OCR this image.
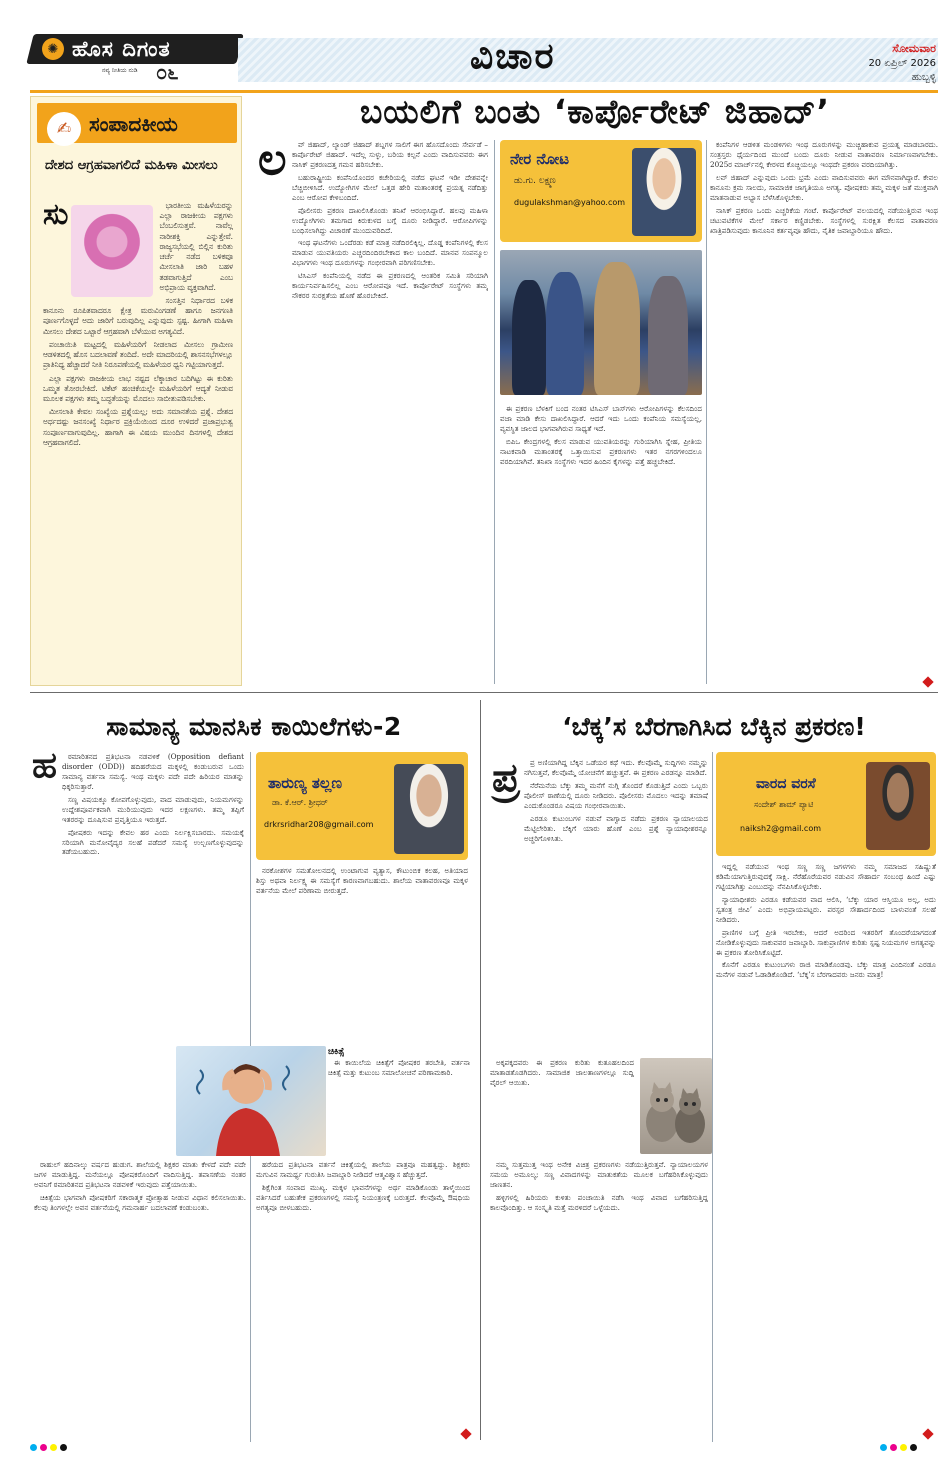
✺ ಹೊಸ ದಿಗಂತ
ನವ್ಯ ನೀತಿಯ ನುಡಿ ೦೬	ವಿಚಾರ	ಸೋಮವಾರ
20 ಏಪ್ರಿಲ್ 2026
ಹುಬ್ಬಳ್ಳಿ
✍ ಸಂಪಾದಕೀಯ
ದೇಶದ ಆಗ್ರಹವಾಗಲಿದೆ ಮಹಿಳಾ ಮೀಸಲು
ಸು	ಭಾರತೀಯ ಮಹಿಳೆಯರನ್ನು ಎಲ್ಲಾ ರಾಜಕೀಯ ಪಕ್ಷಗಳು ಬೆಂಬಲಿಸುತ್ತವೆ. ನಾವೆಲ್ಲ ನಾರೀಶಕ್ತಿ ಎನ್ನುತ್ತೇವೆ. ರಾಜ್ಯಸಭೆಯಲ್ಲಿ ಬಿಲ್ಲಿನ ಕುರಿತು ಚರ್ಚೆ ನಡೆದ ಬಳಿಕವೂ ಮೀಸಲಾತಿ ಜಾರಿ ಬಹಳ ತಡವಾಗುತ್ತಿದೆ ಎಂಬ ಅಭಿಪ್ರಾಯ ವ್ಯಕ್ತವಾಗಿದೆ.

ಸಂಸತ್ತಿನ ನಿರ್ಧಾರದ ಬಳಿಕ ಕಾನೂನು ರೂಪಿತವಾದರೂ ಕ್ಷೇತ್ರ ಮರುವಿಂಗಡಣೆ ಹಾಗೂ ಜನಗಣತಿ ಪೂರ್ಣಗೊಳ್ಳದೆ ಅದು ಜಾರಿಗೆ ಬರುವುದಿಲ್ಲ ಎನ್ನುವುದು ಸ್ಪಷ್ಟ. ಹೀಗಾಗಿ ಮಹಿಳಾ ಮೀಸಲು ದೇಶದ ಒಟ್ಟಾರೆ ಆಗ್ರಹವಾಗಿ ಬೆಳೆಯುವ ಅಗತ್ಯವಿದೆ.

ಪಂಚಾಯಿತಿ ಮಟ್ಟದಲ್ಲಿ ಮಹಿಳೆಯರಿಗೆ ನೀಡಲಾದ ಮೀಸಲು ಗ್ರಾಮೀಣ ಆಡಳಿತದಲ್ಲಿ ಹೊಸ ಬದಲಾವಣೆ ತಂದಿದೆ. ಅದೇ ಮಾದರಿಯಲ್ಲಿ ಶಾಸನಸಭೆಗಳಲ್ಲೂ ಪ್ರಾತಿನಿಧ್ಯ ಹೆಚ್ಚಾದರೆ ನೀತಿ ನಿರೂಪಣೆಯಲ್ಲಿ ಮಹಿಳೆಯರ ಧ್ವನಿ ಗಟ್ಟಿಯಾಗುತ್ತದೆ.

ಎಲ್ಲಾ ಪಕ್ಷಗಳು ರಾಜಕೀಯ ಲಾಭ ನಷ್ಟದ ಲೆಕ್ಕಾಚಾರ ಬದಿಗಿಟ್ಟು ಈ ಕುರಿತು ಒಮ್ಮತ ತೋರಬೇಕಿದೆ. ಟಿಕೆಟ್ ಹಂಚಿಕೆಯಲ್ಲೇ ಮಹಿಳೆಯರಿಗೆ ಆದ್ಯತೆ ನೀಡುವ ಮೂಲಕ ಪಕ್ಷಗಳು ತಮ್ಮ ಬದ್ಧತೆಯನ್ನು ಮೊದಲು ಸಾಬೀತುಪಡಿಸಬೇಕು.

ಮೀಸಲಾತಿ ಕೇವಲ ಸಂಖ್ಯೆಯ ಪ್ರಶ್ನೆಯಲ್ಲ; ಅದು ಸಮಾನತೆಯ ಪ್ರಶ್ನೆ. ದೇಶದ ಅರ್ಧದಷ್ಟು ಜನಸಂಖ್ಯೆ ನಿರ್ಧಾರ ಪ್ರಕ್ರಿಯೆಯಿಂದ ದೂರ ಉಳಿದರೆ ಪ್ರಜಾಪ್ರಭುತ್ವ ಸಂಪೂರ್ಣವಾಗುವುದಿಲ್ಲ. ಹಾಗಾಗಿ ಈ ವಿಷಯ ಮುಂದಿನ ದಿನಗಳಲ್ಲಿ ದೇಶದ ಆಗ್ರಹವಾಗಲಿದೆ.

ಬಯಲಿಗೆ ಬಂತು ‘ಕಾರ್ಪೊರೇಟ್ ಜಿಹಾದ್’
ಲ	ವ್ ಜಿಹಾದ್, ಲ್ಯಾಂಡ್ ಜಿಹಾದ್ ಶಬ್ದಗಳ ಸಾಲಿಗೆ ಈಗ ಹೊಸದೊಂದು ಸೇರ್ಪಡೆ – ಕಾರ್ಪೊರೇಟ್ ಜಿಹಾದ್. ಇದೆಲ್ಲ ಸುಳ್ಳು, ಬರಿಯ ಕಲ್ಪನೆ ಎಂದು ವಾದಿಸುವವರು ಈಗ ನಾಸಿಕ್ ಪ್ರಕರಣದತ್ತ ಗಮನ ಹರಿಸಬೇಕು.

ಬಹುರಾಷ್ಟ್ರೀಯ ಕಂಪೆನಿಯೊಂದರ ಕಚೇರಿಯಲ್ಲಿ ನಡೆದ ಘಟನೆ ಇಡೀ ದೇಶವನ್ನೇ ಬೆಚ್ಚಿಬೀಳಿಸಿದೆ. ಉದ್ಯೋಗಿಗಳ ಮೇಲೆ ಒತ್ತಡ ಹೇರಿ ಮತಾಂತರಕ್ಕೆ ಪ್ರಯತ್ನ ನಡೆದಿತ್ತು ಎಂಬ ಆರೋಪ ಕೇಳಿಬಂದಿದೆ.

ಪೊಲೀಸರು ಪ್ರಕರಣ ದಾಖಲಿಸಿಕೊಂಡು ತನಿಖೆ ಆರಂಭಿಸಿದ್ದಾರೆ. ಹಲವು ಮಹಿಳಾ ಉದ್ಯೋಗಿಗಳು ತಮಗಾದ ಕಿರುಕುಳದ ಬಗ್ಗೆ ದೂರು ನೀಡಿದ್ದಾರೆ. ಆರೋಪಿಗಳನ್ನು ಬಂಧಿಸಲಾಗಿದ್ದು ವಿಚಾರಣೆ ಮುಂದುವರಿದಿದೆ.

ಇಂಥ ಘಟನೆಗಳು ಒಂದೆರಡು ಕಡೆ ಮಾತ್ರ ನಡೆದಿರಲಿಕ್ಕಿಲ್ಲ. ದೊಡ್ಡ ಕಂಪೆನಿಗಳಲ್ಲಿ ಕೆಲಸ ಮಾಡುವ ಯುವತಿಯರು ಎಚ್ಚರದಿಂದಿರಬೇಕಾದ ಕಾಲ ಬಂದಿದೆ. ಮಾನವ ಸಂಪನ್ಮೂಲ ವಿಭಾಗಗಳು ಇಂಥ ದೂರುಗಳನ್ನು ಗಂಭೀರವಾಗಿ ಪರಿಗಣಿಸಬೇಕು.

ಟಿಸಿಎಸ್ ಕಂಪೆನಿಯಲ್ಲಿ ನಡೆದ ಈ ಪ್ರಕರಣದಲ್ಲಿ ಆಂತರಿಕ ಸಮಿತಿ ಸರಿಯಾಗಿ ಕಾರ್ಯನಿರ್ವಹಿಸಲಿಲ್ಲ ಎಂಬ ಆರೋಪವೂ ಇದೆ. ಕಾರ್ಪೊರೇಟ್ ಸಂಸ್ಥೆಗಳು ತಮ್ಮ ನೌಕರರ ಸುರಕ್ಷತೆಯ ಹೊಣೆ ಹೊರಬೇಕಿದೆ.

ನೇರ ನೋಟ
ಡು.ಗು. ಲಕ್ಷ್ಮಣ
dugulakshman@yahoo.com

ಈ ಪ್ರಕರಣ ಬೆಳಕಿಗೆ ಬಂದ ನಂತರ ಟಿಸಿಎಸ್ ಬಾಸ್‌ಗಳು ಆರೋಪಿಗಳನ್ನು ಕೆಲಸದಿಂದ ವಜಾ ಮಾಡಿ ಕೇಸು ದಾಖಲಿಸಿದ್ದಾರೆ. ಆದರೆ ಇದು ಒಂದು ಕಂಪೆನಿಯ ಸಮಸ್ಯೆಯಲ್ಲ, ವ್ಯವಸ್ಥಿತ ಜಾಲದ ಭಾಗವಾಗಿರುವ ಸಾಧ್ಯತೆ ಇದೆ.

ಬಿಪಿಒ ಕೇಂದ್ರಗಳಲ್ಲಿ ಕೆಲಸ ಮಾಡುವ ಯುವತಿಯರನ್ನು ಗುರಿಯಾಗಿಸಿ ಸ್ನೇಹ, ಪ್ರೀತಿಯ ನಾಟಕವಾಡಿ ಮತಾಂತರಕ್ಕೆ ಒತ್ತಾಯಿಸುವ ಪ್ರಕರಣಗಳು ಇತರ ನಗರಗಳಿಂದಲೂ ವರದಿಯಾಗಿವೆ. ತನಿಖಾ ಸಂಸ್ಥೆಗಳು ಇದರ ಹಿಂದಿನ ಕೈಗಳನ್ನು ಪತ್ತೆ ಹಚ್ಚಬೇಕಿದೆ.

ಕಂಪೆನಿಗಳ ಆಡಳಿತ ಮಂಡಳಿಗಳು ಇಂಥ ದೂರುಗಳನ್ನು ಮುಚ್ಚಿಹಾಕುವ ಪ್ರಯತ್ನ ಮಾಡಬಾರದು. ಸಂತ್ರಸ್ತರು ಧೈರ್ಯದಿಂದ ಮುಂದೆ ಬಂದು ದೂರು ನೀಡುವ ವಾತಾವರಣ ನಿರ್ಮಾಣವಾಗಬೇಕು. 2025ರ ಮಾರ್ಚ್‌ನಲ್ಲಿ ಕೇರಳದ ಕೊಚ್ಚಿಯಲ್ಲೂ ಇಂಥದೇ ಪ್ರಕರಣ ವರದಿಯಾಗಿತ್ತು.

ಲವ್ ಜಿಹಾದ್ ಎನ್ನುವುದು ಒಂದು ಭ್ರಮೆ ಎಂದು ವಾದಿಸುವವರು ಈಗ ಮೌನವಾಗಿದ್ದಾರೆ. ಕೇವಲ ಕಾನೂನು ಕ್ರಮ ಸಾಲದು, ಸಾಮಾಜಿಕ ಜಾಗೃತಿಯೂ ಅಗತ್ಯ. ಪೋಷಕರು ತಮ್ಮ ಮಕ್ಕಳ ಜತೆ ಮುಕ್ತವಾಗಿ ಮಾತನಾಡುವ ಅಭ್ಯಾಸ ಬೆಳೆಸಿಕೊಳ್ಳಬೇಕು.

ನಾಸಿಕ್ ಪ್ರಕರಣ ಒಂದು ಎಚ್ಚರಿಕೆಯ ಗಂಟೆ. ಕಾರ್ಪೊರೇಟ್ ವಲಯದಲ್ಲಿ ನಡೆಯುತ್ತಿರುವ ಇಂಥ ಚಟುವಟಿಕೆಗಳ ಮೇಲೆ ಸರ್ಕಾರ ಕಣ್ಣಿಡಬೇಕು. ಸಂಸ್ಥೆಗಳಲ್ಲಿ ಸುರಕ್ಷಿತ ಕೆಲಸದ ವಾತಾವರಣ ಖಾತ್ರಿಪಡಿಸುವುದು ಕಾನೂನಿನ ಕರ್ತವ್ಯವೂ ಹೌದು, ನೈತಿಕ ಜವಾಬ್ದಾರಿಯೂ ಹೌದು.

ಸಾಮಾನ್ಯ ಮಾನಸಿಕ ಕಾಯಿಲೆಗಳು-2
ಹ	ಠಮಾರಿತನದ ಪ್ರತಿಭಟನಾ ನಡವಳಿಕೆ (Opposition defiant disorder (ODD)) ಹದಿಹರೆಯದ ಮಕ್ಕಳಲ್ಲಿ ಕಂಡುಬರುವ ಒಂದು ಸಾಮಾನ್ಯ ವರ್ತನಾ ಸಮಸ್ಯೆ. ಇಂಥ ಮಕ್ಕಳು ಪದೇ ಪದೇ ಹಿರಿಯರ ಮಾತನ್ನು ಧಿಕ್ಕರಿಸುತ್ತಾರೆ.

ಸಣ್ಣ ವಿಷಯಕ್ಕೂ ಕೋಪಗೊಳ್ಳುವುದು, ವಾದ ಮಾಡುವುದು, ನಿಯಮಗಳನ್ನು ಉದ್ದೇಶಪೂರ್ವಕವಾಗಿ ಮುರಿಯುವುದು ಇದರ ಲಕ್ಷಣಗಳು. ತಮ್ಮ ತಪ್ಪಿಗೆ ಇತರರನ್ನು ದೂಷಿಸುವ ಪ್ರವೃತ್ತಿಯೂ ಇರುತ್ತದೆ.

ಪೋಷಕರು ಇದನ್ನು ಕೇವಲ ಹಠ ಎಂದು ನಿರ್ಲಕ್ಷಿಸಬಾರದು. ಸಮಯಕ್ಕೆ ಸರಿಯಾಗಿ ಮನೋವೈದ್ಯರ ಸಲಹೆ ಪಡೆದರೆ ಸಮಸ್ಯೆ ಉಲ್ಬಣಗೊಳ್ಳುವುದನ್ನು ತಡೆಯಬಹುದು.

ತಾರುಣ್ಯ ತಲ್ಲಣ
ಡಾ. ಕೆ.ಆರ್. ಶ್ರೀಧರ್
drkrsridhar208@gmail.com

ನರಕೋಶಗಳ ಸಮತೋಲನದಲ್ಲಿ ಉಂಟಾಗುವ ವ್ಯತ್ಯಾಸ, ಕೌಟುಂಬಿಕ ಕಲಹ, ಅತಿಯಾದ ಶಿಸ್ತು ಅಥವಾ ನಿರ್ಲಕ್ಷ್ಯ ಈ ಸಮಸ್ಯೆಗೆ ಕಾರಣವಾಗಬಹುದು. ಶಾಲೆಯ ವಾತಾವರಣವೂ ಮಕ್ಕಳ ವರ್ತನೆಯ ಮೇಲೆ ಪರಿಣಾಮ ಬೀರುತ್ತದೆ.

ಚಿಕಿತ್ಸೆ

ಈ ಕಾಯಿಲೆಯ ಚಿಕಿತ್ಸೆಗೆ ಪೋಷಕರ ತರಬೇತಿ, ವರ್ತನಾ ಚಿಕಿತ್ಸೆ ಮತ್ತು ಕುಟುಂಬ ಸಮಾಲೋಚನೆ ಪರಿಣಾಮಕಾರಿ.

ರಾಹುಲ್ ಹದಿನಾಲ್ಕು ವರ್ಷದ ಹುಡುಗ. ಶಾಲೆಯಲ್ಲಿ ಶಿಕ್ಷಕರ ಮಾತು ಕೇಳದೆ ಪದೇ ಪದೇ ಜಗಳ ಮಾಡುತ್ತಿದ್ದ. ಮನೆಯಲ್ಲೂ ಪೋಷಕರೊಂದಿಗೆ ವಾದಿಸುತ್ತಿದ್ದ. ತಪಾಸಣೆಯ ನಂತರ ಅವನಿಗೆ ಠಮಾರಿತನದ ಪ್ರತಿಭಟನಾ ನಡವಳಿಕೆ ಇರುವುದು ಪತ್ತೆಯಾಯಿತು.

ಚಿಕಿತ್ಸೆಯ ಭಾಗವಾಗಿ ಪೋಷಕರಿಗೆ ಸಕಾರಾತ್ಮಕ ಪ್ರೋತ್ಸಾಹ ನೀಡುವ ವಿಧಾನ ಕಲಿಸಲಾಯಿತು. ಕೆಲವು ತಿಂಗಳಲ್ಲೇ ಅವನ ವರ್ತನೆಯಲ್ಲಿ ಗಮನಾರ್ಹ ಬದಲಾವಣೆ ಕಂಡುಬಂತು.

ಹರೆಯದ ಪ್ರತಿಭಟನಾ ವರ್ತನೆ ಚಿಕಿತ್ಸೆಯಲ್ಲಿ ಶಾಲೆಯ ಪಾತ್ರವೂ ಮಹತ್ವದ್ದು. ಶಿಕ್ಷಕರು ಮಗುವಿನ ಸಾಮರ್ಥ್ಯ ಗುರುತಿಸಿ ಜವಾಬ್ದಾರಿ ನೀಡಿದರೆ ಆತ್ಮವಿಶ್ವಾಸ ಹೆಚ್ಚುತ್ತದೆ.

ಶಿಕ್ಷೆಗಿಂತ ಸಂವಾದ ಮುಖ್ಯ. ಮಕ್ಕಳ ಭಾವನೆಗಳನ್ನು ಅರ್ಥ ಮಾಡಿಕೊಂಡು ತಾಳ್ಮೆಯಿಂದ ವರ್ತಿಸಿದರೆ ಬಹುತೇಕ ಪ್ರಕರಣಗಳಲ್ಲಿ ಸಮಸ್ಯೆ ನಿಯಂತ್ರಣಕ್ಕೆ ಬರುತ್ತದೆ. ಕೆಲವೊಮ್ಮೆ ಔಷಧಿಯ ಅಗತ್ಯವೂ ಬೀಳಬಹುದು.

‘ಬೆಕ್ಕ’ಸ ಬೆರಗಾಗಿಸಿದ ಬೆಕ್ಕಿನ ಪ್ರಕರಣ!
ಪ್ರ	ಪ್ರ ಅಣಿಯಾಗಿದ್ದ ಬೆಕ್ಕಿನ ಒಡೆಯರ ಕಥೆ ಇದು. ಕೆಲವೊಮ್ಮೆ ಸುದ್ದಿಗಳು ನಮ್ಮನ್ನು ನಗಿಸುತ್ತವೆ, ಕೆಲವೊಮ್ಮೆ ಯೋಚನೆಗೆ ಹಚ್ಚುತ್ತವೆ. ಈ ಪ್ರಕರಣ ಎರಡನ್ನೂ ಮಾಡಿದೆ.

ನೆರೆಮನೆಯ ಬೆಕ್ಕು ತಮ್ಮ ಮನೆಗೆ ನುಗ್ಗಿ ತೊಂದರೆ ಕೊಡುತ್ತಿದೆ ಎಂದು ಒಬ್ಬರು ಪೊಲೀಸ್ ಠಾಣೆಯಲ್ಲಿ ದೂರು ನೀಡಿದರು. ಪೊಲೀಸರು ಮೊದಲು ಇದನ್ನು ತಮಾಷೆ ಎಂದುಕೊಂಡರೂ ವಿಷಯ ಗಂಭೀರವಾಯಿತು.

ಎರಡೂ ಕುಟುಂಬಗಳ ನಡುವೆ ವಾಗ್ವಾದ ನಡೆದು ಪ್ರಕರಣ ನ್ಯಾಯಾಲಯದ ಮೆಟ್ಟಿಲೇರಿತು. ಬೆಕ್ಕಿಗೆ ಯಾರು ಹೊಣೆ ಎಂಬ ಪ್ರಶ್ನೆ ನ್ಯಾಯಾಧೀಶರನ್ನೂ ಅಚ್ಚರಿಗೊಳಿಸಿತು.

ವಾರದ ವರಸೆ
ಸಂದೇಶ್ ಶಾಮ್ ಪ್ಯಾಟಿ
naiksh2@gmail.com

ಇದ್ದಲ್ಲಿ ನಡೆಯುವ ಇಂಥ ಸಣ್ಣ ಸಣ್ಣ ಜಗಳಗಳು ನಮ್ಮ ಸಮಾಜದ ಸಹಿಷ್ಣುತೆ ಕಡಿಮೆಯಾಗುತ್ತಿರುವುದಕ್ಕೆ ಸಾಕ್ಷಿ. ನೆರೆಹೊರೆಯವರ ನಡುವಿನ ಸೌಹಾರ್ದ ಸಂಬಂಧ ಹಿಂದೆ ಎಷ್ಟು ಗಟ್ಟಿಯಾಗಿತ್ತು ಎಂಬುದನ್ನು ನೆನಪಿಸಿಕೊಳ್ಳಬೇಕು.

ನ್ಯಾಯಾಧೀಶರು ಎರಡೂ ಕಡೆಯವರ ವಾದ ಆಲಿಸಿ, ‘ಬೆಕ್ಕು ಯಾರ ಆಸ್ತಿಯೂ ಅಲ್ಲ, ಅದು ಸ್ವತಂತ್ರ ಜೀವಿ’ ಎಂದು ಅಭಿಪ್ರಾಯಪಟ್ಟರು. ಪರಸ್ಪರ ಸೌಹಾರ್ದದಿಂದ ಬಾಳುವಂತೆ ಸಲಹೆ ನೀಡಿದರು.

ಪ್ರಾಣಿಗಳ ಬಗ್ಗೆ ಪ್ರೀತಿ ಇರಬೇಕು, ಆದರೆ ಅದರಿಂದ ಇತರರಿಗೆ ತೊಂದರೆಯಾಗದಂತೆ ನೋಡಿಕೊಳ್ಳುವುದು ಸಾಕುವವರ ಜವಾಬ್ದಾರಿ. ಸಾಕುಪ್ರಾಣಿಗಳ ಕುರಿತು ಸ್ಪಷ್ಟ ನಿಯಮಗಳ ಅಗತ್ಯವನ್ನು ಈ ಪ್ರಕರಣ ತೋರಿಸಿಕೊಟ್ಟಿದೆ.

ಕೊನೆಗೆ ಎರಡೂ ಕುಟುಂಬಗಳು ರಾಜಿ ಮಾಡಿಕೊಂಡವು. ಬೆಕ್ಕು ಮಾತ್ರ ಎಂದಿನಂತೆ ಎರಡೂ ಮನೆಗಳ ನಡುವೆ ಓಡಾಡಿಕೊಂಡಿದೆ. ‘ಬೆಕ್ಕ’ಸ ಬೆರಗಾದವರು ಜನರು ಮಾತ್ರ!

ಅಕ್ಕಪಕ್ಕದವರು ಈ ಪ್ರಕರಣ ಕುರಿತು ಕುತೂಹಲದಿಂದ ಮಾತಾಡತೊಡಗಿದರು. ಸಾಮಾಜಿಕ ಜಾಲತಾಣಗಳಲ್ಲೂ ಸುದ್ದಿ ವೈರಲ್ ಆಯಿತು.

ನಮ್ಮ ಸುತ್ತಮುತ್ತ ಇಂಥ ಅನೇಕ ವಿಚಿತ್ರ ಪ್ರಕರಣಗಳು ನಡೆಯುತ್ತಿರುತ್ತವೆ. ನ್ಯಾಯಾಲಯಗಳ ಸಮಯ ಅಮೂಲ್ಯ; ಸಣ್ಣ ವಿವಾದಗಳನ್ನು ಮಾತುಕತೆಯ ಮೂಲಕ ಬಗೆಹರಿಸಿಕೊಳ್ಳುವುದು ಜಾಣತನ.

ಹಳ್ಳಿಗಳಲ್ಲಿ ಹಿರಿಯರು ಕುಳಿತು ಪಂಚಾಯಿತಿ ನಡೆಸಿ ಇಂಥ ವಿವಾದ ಬಗೆಹರಿಸುತ್ತಿದ್ದ ಕಾಲವೊಂದಿತ್ತು. ಆ ಸಂಸ್ಕೃತಿ ಮತ್ತೆ ಮರಳಿದರೆ ಒಳ್ಳೆಯದು.
